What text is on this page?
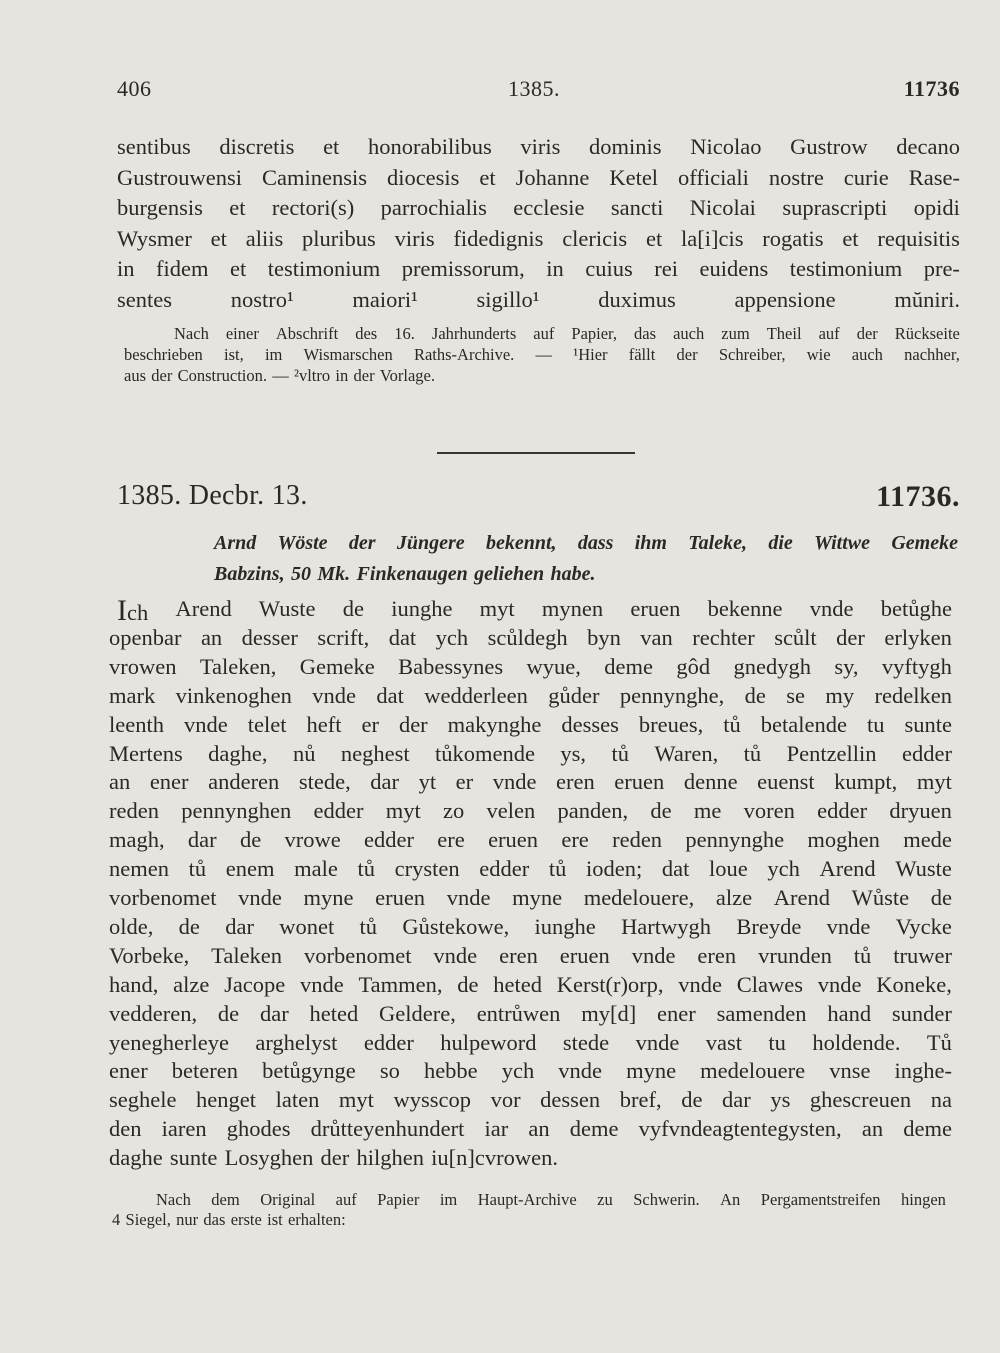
406	1385.	11736
sentibus discretis et honorabilibus viris dominis Nicolao Gustrow decano
Gustrouwensi Caminensis diocesis et Johanne Ketel officiali nostre curie Rase-
burgensis et rectori(s) parrochialis ecclesie sancti Nicolai suprascripti opidi
Wysmer et aliis pluribus viris fidedignis clericis et la[i]cis rogatis et requisitis
in fidem et testimonium premissorum, in cuius rei euidens testimonium pre-
sentes	nostro¹	maiori¹	sigillo¹	duximus	appensione	mŭniri.
Nach einer Abschrift des 16. Jahrhunderts auf Papier, das auch zum Theil auf der Rückseite
beschrieben ist, im Wismarschen Raths-Archive. — ¹Hier fällt der Schreiber, wie auch nachher,
aus der Construction. — ²vltro in der Vorlage.
1385. Decbr. 13.	11736.
Arnd Wöste der Jüngere bekennt, dass ihm Taleke, die Wittwe Gemeke
Babzins, 50 Mk. Finkenaugen geliehen habe.
Ich Arend Wuste de iunghe myt mynen eruen bekenne vnde betůghe
openbar an desser scrift, dat ych scůldegh byn van rechter scůlt der erlyken
vrowen Taleken, Gemeke Babessynes wyue, deme gôd gnedygh sy, vyftygh
mark vinkenoghen vnde dat wedderleen gůder pennynghe, de se my redelken
leenth vnde telet heft er der makynghe desses breues, tů betalende tu sunte
Mertens daghe, nů neghest tůkomende ys, tů Waren, tů Pentzellin edder
an ener anderen stede, dar yt er vnde eren eruen denne euenst kumpt, myt
reden pennynghen edder myt zo velen panden, de me voren edder dryuen
magh, dar de vrowe edder ere eruen ere reden pennynghe moghen mede
nemen tů enem male tů crysten edder tů ioden; dat loue ych Arend Wuste
vorbenomet vnde myne eruen vnde myne medelouere, alze Arend Wůste de
olde, de dar wonet tů Gůstekowe, iunghe Hartwygh Breyde vnde Vycke
Vorbeke, Taleken vorbenomet vnde eren eruen vnde eren vrunden tů truwer
hand, alze Jacope vnde Tammen, de heted Kerst(r)orp, vnde Clawes vnde Koneke,
vedderen, de dar heted Geldere, entrůwen my[d] ener samenden hand sunder
yenegherleye arghelyst edder hulpeword stede vnde vast tu holdende. Tů
ener beteren betůgynge so hebbe ych vnde myne medelouere vnse inghe-
seghele henget laten myt wysscop vor dessen bref, de dar ys ghescreuen na
den iaren ghodes drůtteyenhundert iar an deme vyfvndeagtentegysten, an deme
daghe sunte Losyghen der hilghen iu[n]cvrowen.
Nach dem Original auf Papier im Haupt-Archive zu Schwerin. An Pergamentstreifen hingen
4 Siegel, nur das erste ist erhalten:
